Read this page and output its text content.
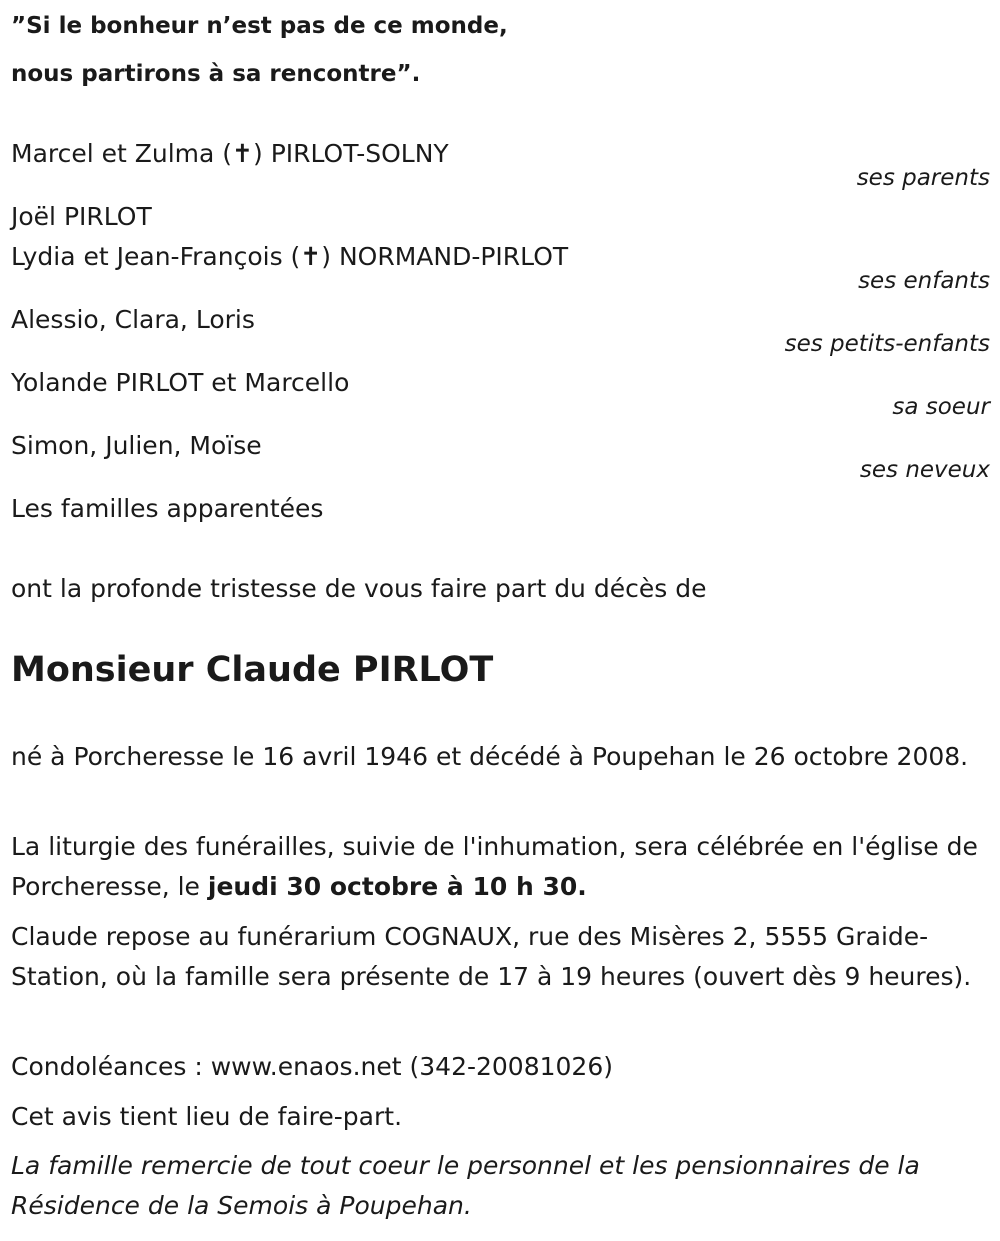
”Si le bonheur n’est pas de ce monde,

nous partirons à sa rencontre”.

Marcel et Zulma (✝) PIRLOT-SOLNY

ses parents

Joël PIRLOT

Lydia et Jean-François (✝) NORMAND-PIRLOT

ses enfants

Alessio, Clara, Loris

ses petits-enfants

Yolande PIRLOT et Marcello

sa soeur

Simon, Julien, Moïse

ses neveux

Les familles apparentées

ont la profonde tristesse de vous faire part du décès de

Monsieur Claude PIRLOT

né à Porcheresse le 16 avril 1946 et décédé à Poupehan le 26 octobre 2008.

La liturgie des funérailles, suivie de l'inhumation, sera célébrée en l'église de Porcheresse, le jeudi 30 octobre à 10 h 30.

Claude repose au funérarium COGNAUX, rue des Misères 2, 5555 Graide-Station, où la famille sera présente de 17 à 19 heures (ouvert dès 9 heures).

Condoléances : www.enaos.net (342-20081026)

Cet avis tient lieu de faire-part.

La famille remercie de tout coeur le personnel et les pensionnaires de la Résidence de la Semois à Poupehan.
